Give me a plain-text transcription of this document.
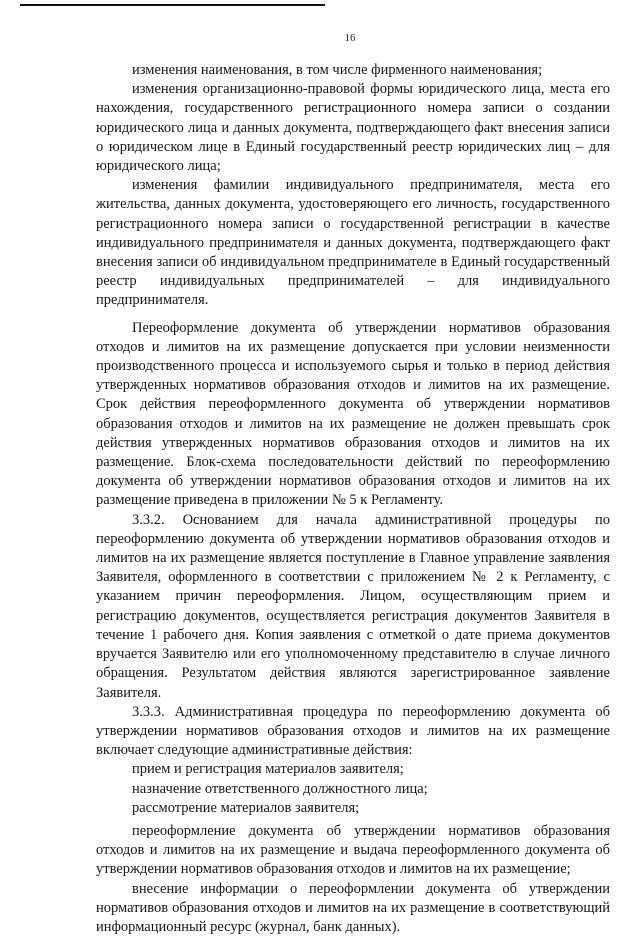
16

изменения наименования, в том числе фирменного наименования;

изменения организационно-правовой формы юридического лица, места его нахождения, государственного регистрационного номера записи о создании юридического лица и данных документа, подтверждающего факт внесения записи о юридическом лице в Единый государственный реестр юридических лиц – для юридического лица;

изменения фамилии индивидуального предпринимателя, места его жительства, данных документа, удостоверяющего его личность, государственного регистрационного номера записи о государственной регистрации в качестве индивидуального предпринимателя и данных документа, подтверждающего факт внесения записи об индивидуальном предпринимателе в Единый государственный реестр индивидуальных предпринимателей – для индивидуального предпринимателя.

Переоформление документа об утверждении нормативов образования отходов и лимитов на их размещение допускается при условии неизменности производственного процесса и используемого сырья и только в период действия утвержденных нормативов образования отходов и лимитов на их размещение. Срок действия переоформленного документа об утверждении нормативов образования отходов и лимитов на их размещение не должен превышать срок действия утвержденных нормативов образования отходов и лимитов на их размещение. Блок-схема последовательности действий по переоформлению документа об утверждении нормативов образования отходов и лимитов на их размещение приведена в приложении № 5 к Регламенту.

3.3.2. Основанием для начала административной процедуры по переоформлению документа об утверждении нормативов образования отходов и лимитов на их размещение является поступление в Главное управление заявления Заявителя, оформленного в соответствии с приложением № 2 к Регламенту, с указанием причин переоформления. Лицом, осуществляющим прием и регистрацию документов, осуществляется регистрация документов Заявителя в течение 1 рабочего дня. Копия заявления с отметкой о дате приема документов вручается Заявителю или его уполномоченному представителю в случае личного обращения. Результатом действия являются зарегистрированное заявление Заявителя.

3.3.3. Административная процедура по переоформлению документа об утверждении нормативов образования отходов и лимитов на их размещение включает следующие административные действия:

прием и регистрация материалов заявителя;

назначение ответственного должностного лица;

рассмотрение материалов заявителя;

переоформление документа об утверждении нормативов образования отходов и лимитов на их размещение и выдача переоформленного документа об утверждении нормативов образования отходов и лимитов на их размещение;

внесение информации о переоформлении документа об утверждении нормативов образования отходов и лимитов на их размещение в соответствующий информационный ресурс (журнал, банк данных).
